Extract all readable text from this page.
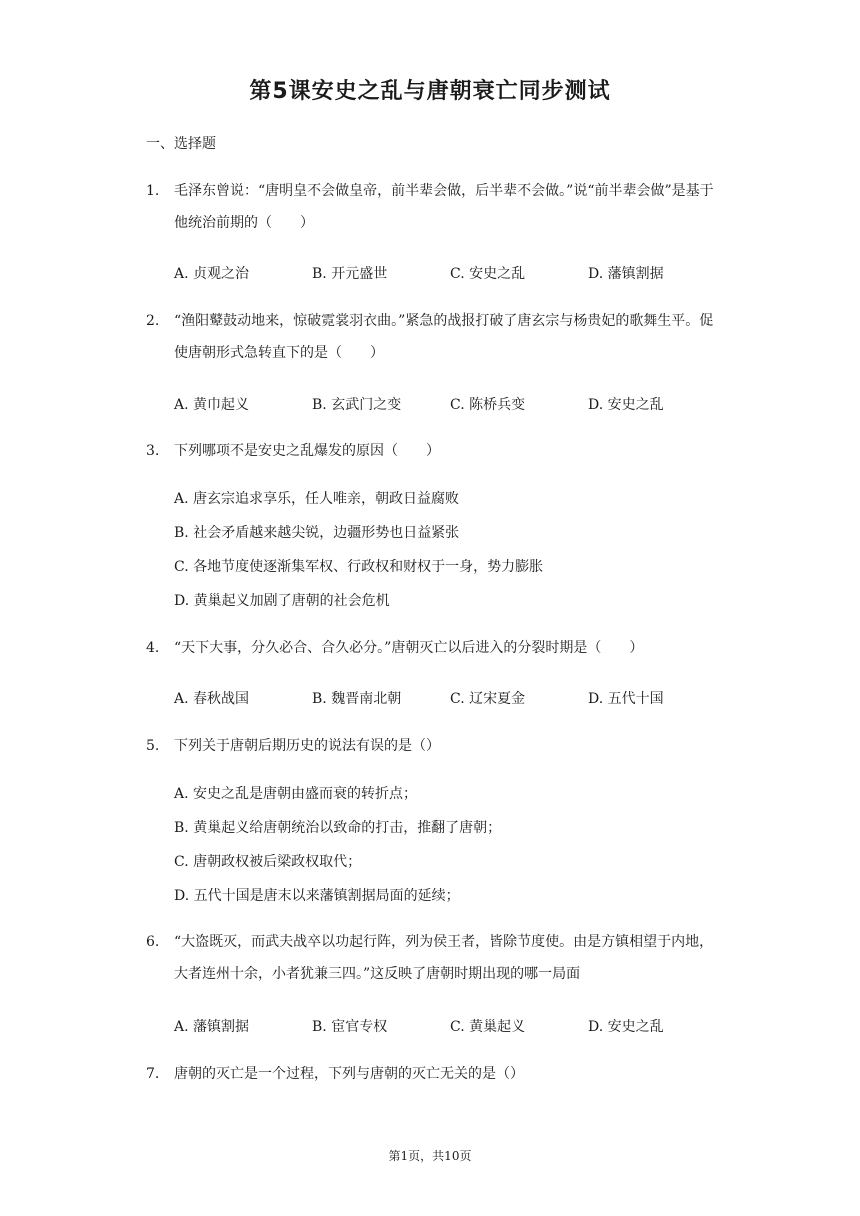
第5课安史之乱与唐朝衰亡同步测试
一、选择题
1.	毛泽东曾说：“唐明皇不会做皇帝，前半辈会做，后半辈不会做。”说“前半辈会做”是基于他统治前期的（　　）
A. 贞观之治	B. 开元盛世	C. 安史之乱	D. 藩镇割据
2.	“渔阳鼙鼓动地来，惊破霓裳羽衣曲。”紧急的战报打破了唐玄宗与杨贵妃的歌舞生平。促使唐朝形式急转直下的是（　　）
A. 黄巾起义	B. 玄武门之变	C. 陈桥兵变	D. 安史之乱
3.	下列哪项不是安史之乱爆发的原因（　　）
A. 唐玄宗追求享乐，任人唯亲，朝政日益腐败
B. 社会矛盾越来越尖锐，边疆形势也日益紧张
C. 各地节度使逐渐集军权、行政权和财权于一身，势力膨胀
D. 黄巢起义加剧了唐朝的社会危机
4.	“天下大事，分久必合、合久必分。”唐朝灭亡以后进入的分裂时期是（　　）
A. 春秋战国	B. 魏晋南北朝	C. 辽宋夏金	D. 五代十国
5.	下列关于唐朝后期历史的说法有误的是（）
A. 安史之乱是唐朝由盛而衰的转折点；
B. 黄巢起义给唐朝统治以致命的打击，推翻了唐朝；
C. 唐朝政权被后梁政权取代；
D. 五代十国是唐末以来藩镇割据局面的延续；
6.	“大盗既灭，而武夫战卒以功起行阵，列为侯王者，皆除节度使。由是方镇相望于内地，大者连州十余，小者犹兼三四。”这反映了唐朝时期出现的哪一局面
A. 藩镇割据	B. 宦官专权	C. 黄巢起义	D. 安史之乱
7.	唐朝的灭亡是一个过程，下列与唐朝的灭亡无关的是（）
第1页，共10页
